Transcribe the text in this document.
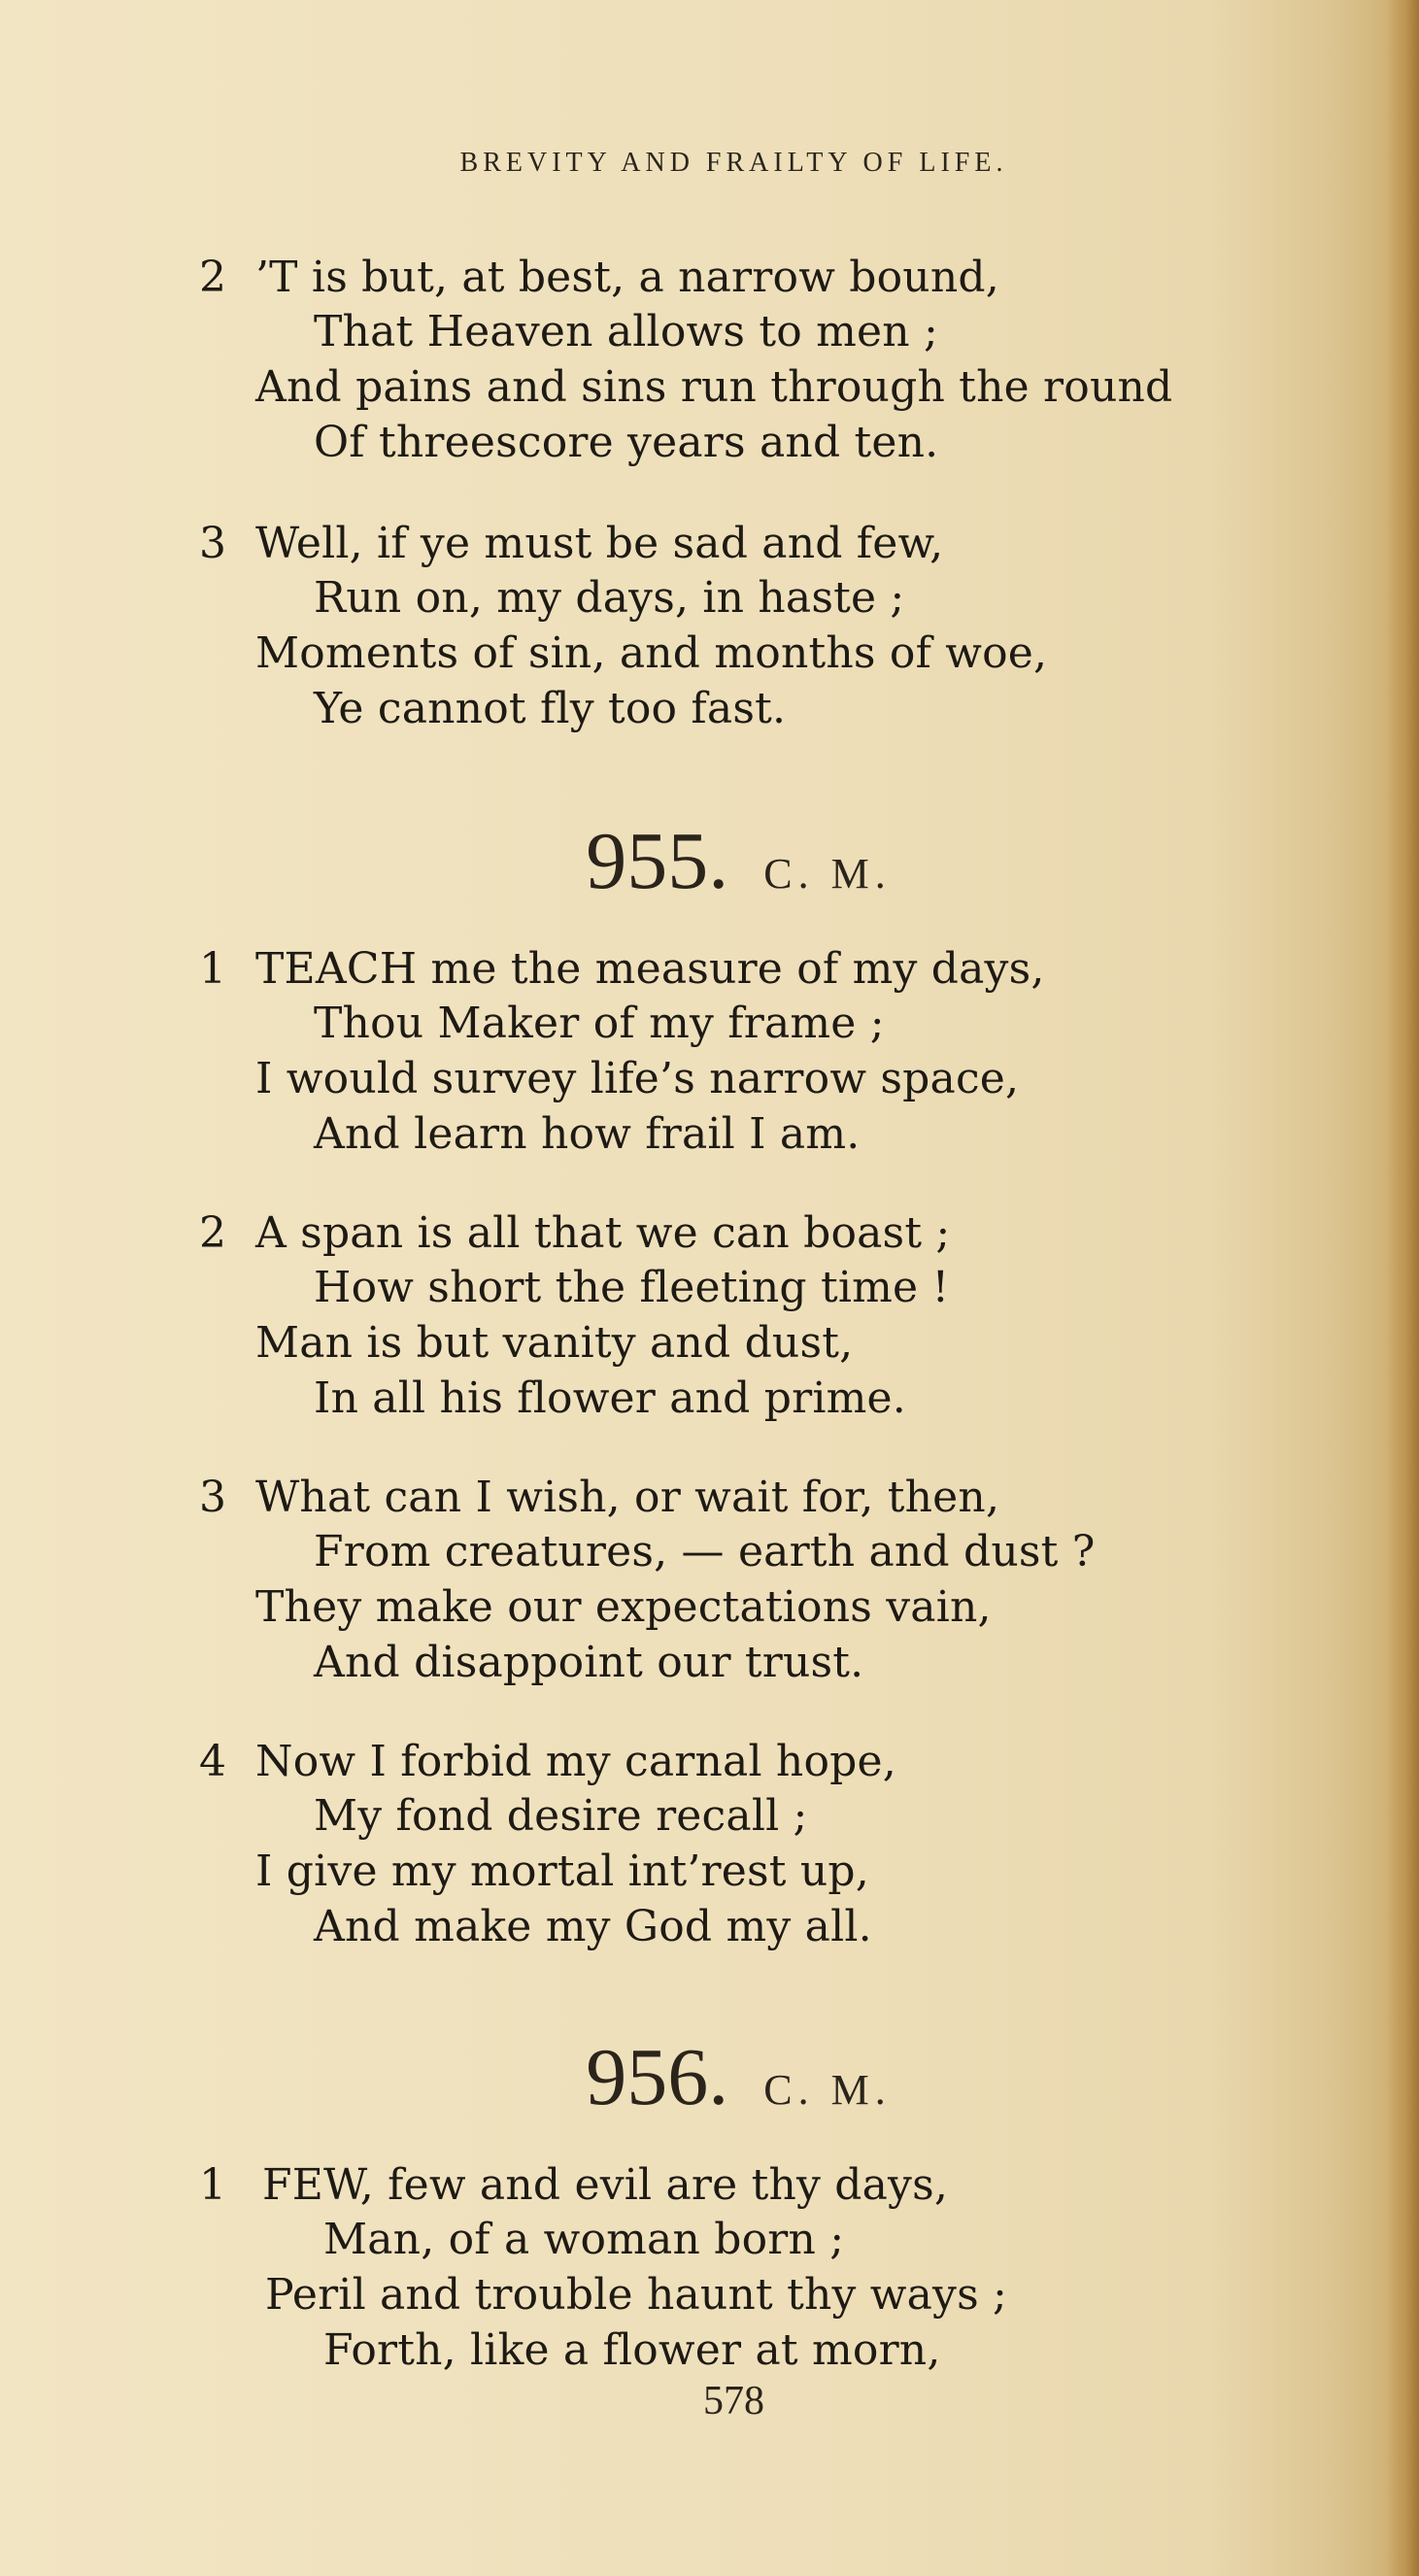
BREVITY AND FRAILTY OF LIFE.
2 ’T is but, at best, a narrow bound,
That Heaven allows to men ;
And pains and sins run through the round
Of threescore years and ten.
3 Well, if ye must be sad and few,
Run on, my days, in haste ;
Moments of sin, and months of woe,
Ye cannot fly too fast.
955. C. M.
1 TEACH me the measure of my days,
Thou Maker of my frame ;
I would survey life’s narrow space,
And learn how frail I am.
2 A span is all that we can boast ;
How short the fleeting time !
Man is but vanity and dust,
In all his flower and prime.
3 What can I wish, or wait for, then,
From creatures, — earth and dust ?
They make our expectations vain,
And disappoint our trust.
4 Now I forbid my carnal hope,
My fond desire recall ;
I give my mortal int’rest up,
And make my God my all.
956. C. M.
1 FEW, few and evil are thy days,
Man, of a woman born ;
Peril and trouble haunt thy ways ;
Forth, like a flower at morn,
578
